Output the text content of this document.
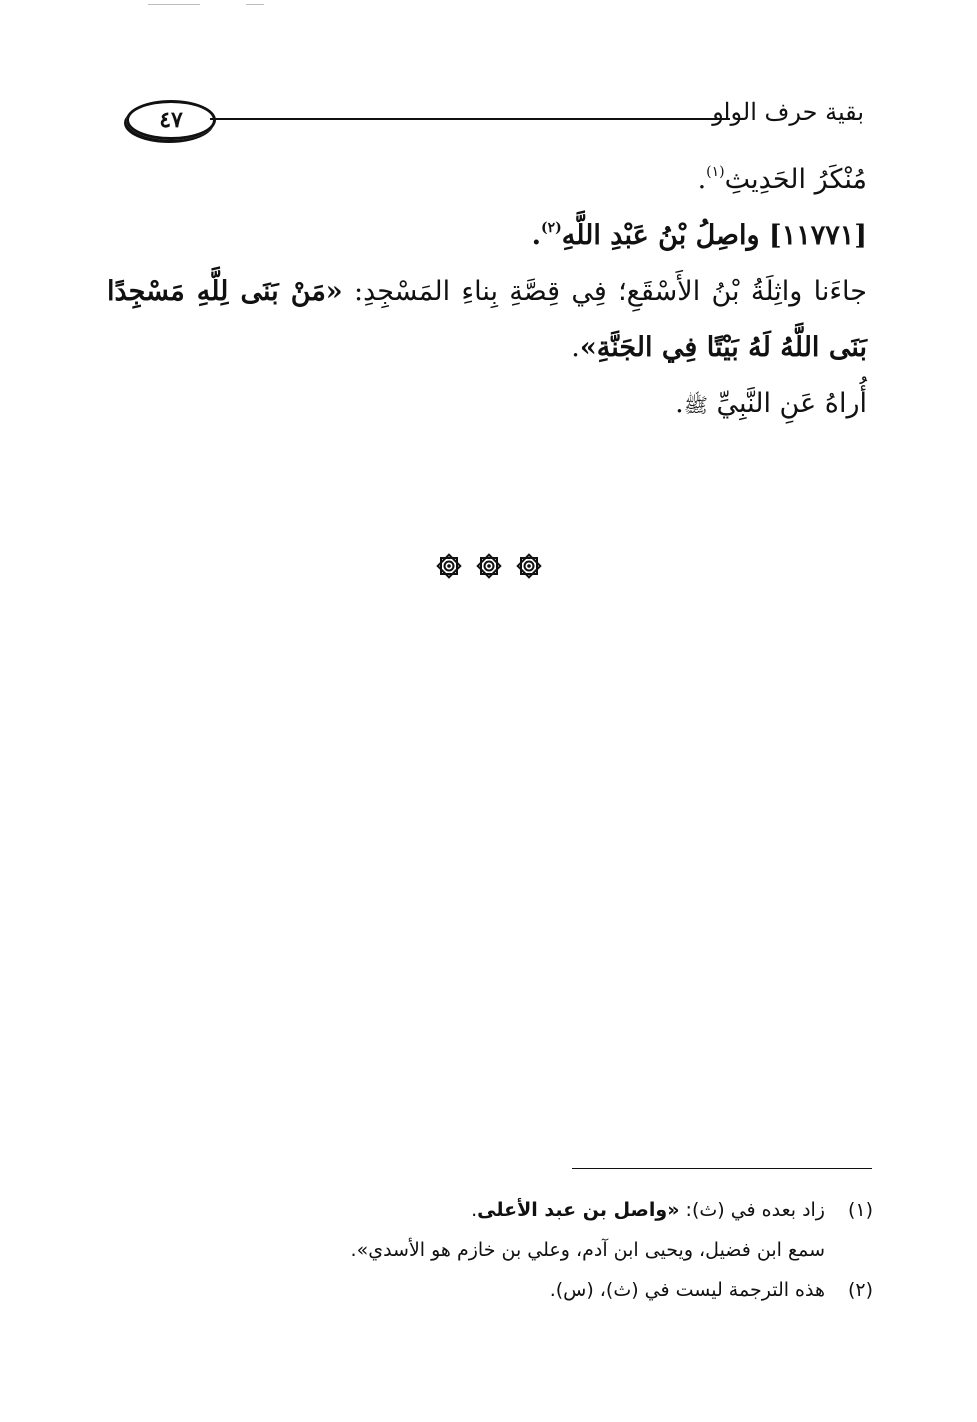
٤٧	بقية حرف الواو

مُنْكَرُ الحَدِيثِ$^{(١)}$.

[١١٧٧١] واصِلُ بْنُ عَبْدِ اللَّهِ$^{(٢)}$.

جاءَنا واثِلَةُ بْنُ الأَسْقَعِ؛ فِي قِصَّةِ بِناءِ المَسْجِدِ: «مَنْ بَنَى لِلَّهِ مَسْجِدًا بَنَى اللَّهُ لَهُ بَيْتًا فِي الجَنَّةِ».

أُراهُ عَنِ النَّبِيِّ ﷺ.

(١)زاد بعده في (ث): «واصل بن عبد الأعلى.

سمع ابن فضيل، ويحيى ابن آدم، وعلي بن خازم هو الأسدي».

(٢)هذه الترجمة ليست في (ث)، (س).
